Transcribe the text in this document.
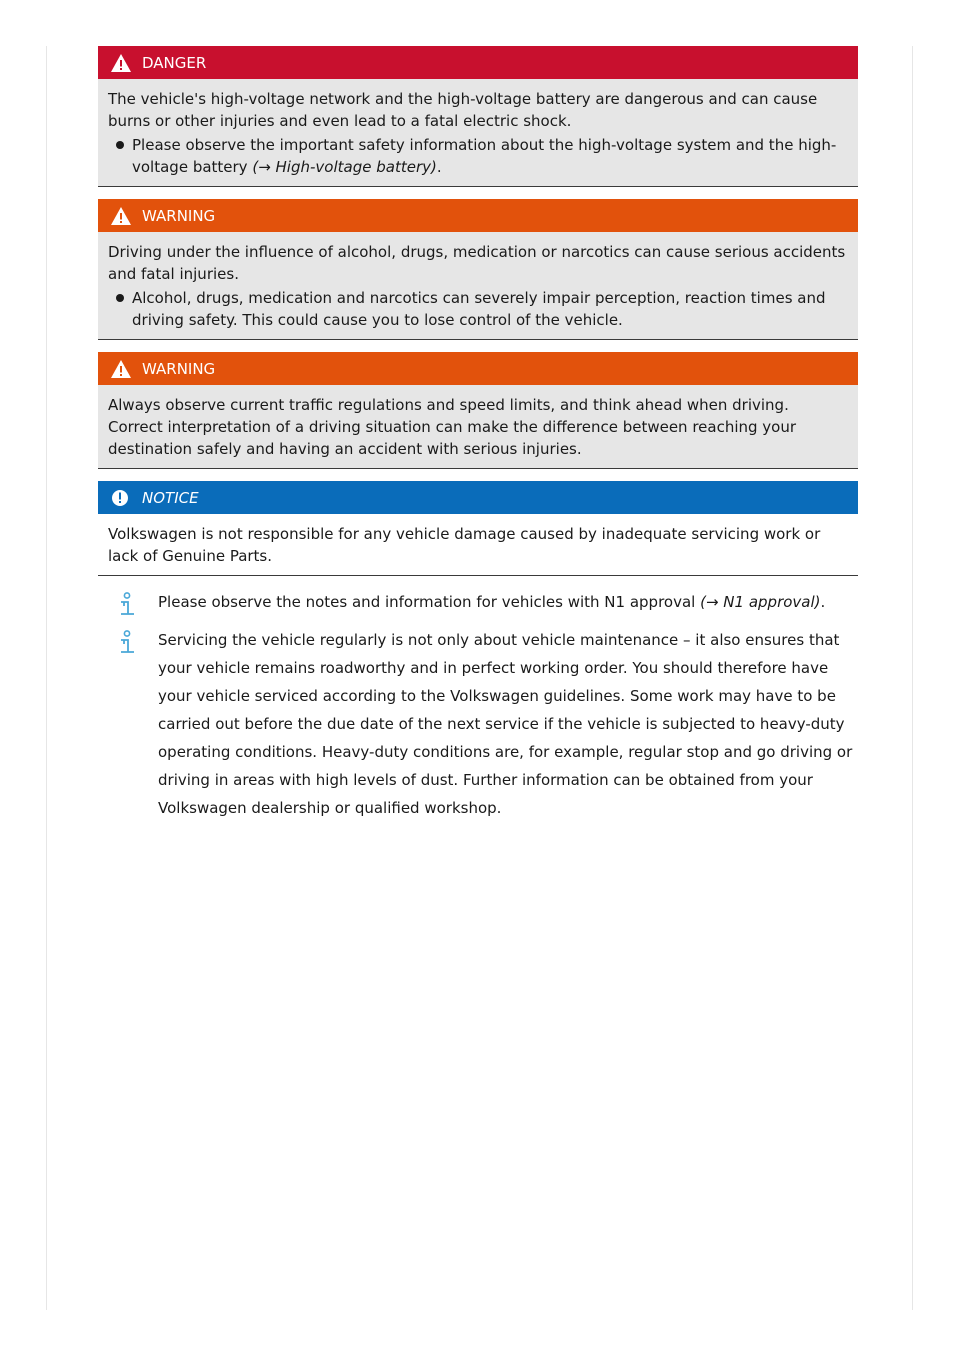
DANGER

The vehicle's high-voltage network and the high-voltage battery are dangerous and can cause burns or other injuries and even lead to a fatal electric shock.

Please observe the important safety information about the high-voltage system and the high-voltage battery (→ High-voltage battery).
WARNING

Driving under the influence of alcohol, drugs, medication or narcotics can cause serious accidents and fatal injuries.

Alcohol, drugs, medication and narcotics can severely impair perception, reaction times and driving safety. This could cause you to lose control of the vehicle.
WARNING

Always observe current traffic regulations and speed limits, and think ahead when driving. Correct interpretation of a driving situation can make the difference between reaching your destination safely and having an accident with serious injuries.

NOTICE

Volkswagen is not responsible for any vehicle damage caused by inadequate servicing work or lack of Genuine Parts.

Please observe the notes and information for vehicles with N1 approval (→ N1 approval).
Servicing the vehicle regularly is not only about vehicle maintenance – it also ensures that your vehicle remains roadworthy and in perfect working order. You should therefore have your vehicle serviced according to the Volkswagen guidelines. Some work may have to be carried out before the due date of the next service if the vehicle is subjected to heavy-duty operating conditions. Heavy-duty conditions are, for example, regular stop and go driving or driving in areas with high levels of dust. Further information can be obtained from your Volkswagen dealership or qualified workshop.
